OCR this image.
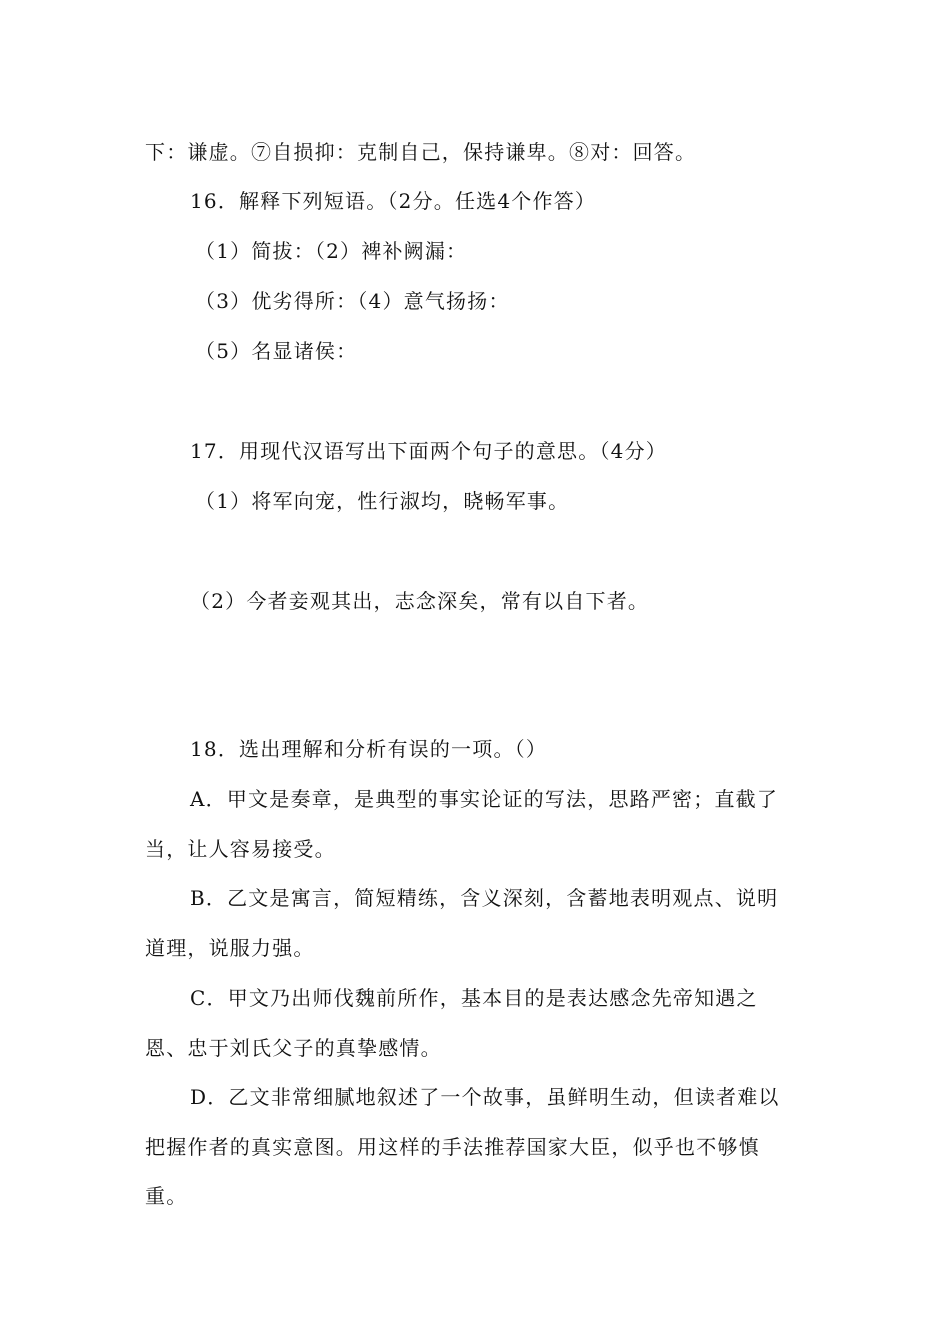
下：谦虚。⑦自损抑：克制自己，保持谦卑。⑧对：回答。
16．解释下列短语。（2分。任选4个作答）
（1）简拔：（2）裨补阙漏：
（3）优劣得所：（4）意气扬扬：
（5）名显诸侯：
17．用现代汉语写出下面两个句子的意思。（4分）
（1）将军向宠，性行淑均，晓畅军事。
（2）今者妾观其出，志念深矣，常有以自下者。
18．选出理解和分析有误的一项。（）
A．甲文是奏章，是典型的事实论证的写法，思路严密；直截了
当，让人容易接受。
B．乙文是寓言，简短精练，含义深刻，含蓄地表明观点、说明
道理，说服力强。
C．甲文乃出师伐魏前所作，基本目的是表达感念先帝知遇之
恩、忠于刘氏父子的真挚感情。
D．乙文非常细腻地叙述了一个故事，虽鲜明生动，但读者难以
把握作者的真实意图。用这样的手法推荐国家大臣，似乎也不够慎
重。
